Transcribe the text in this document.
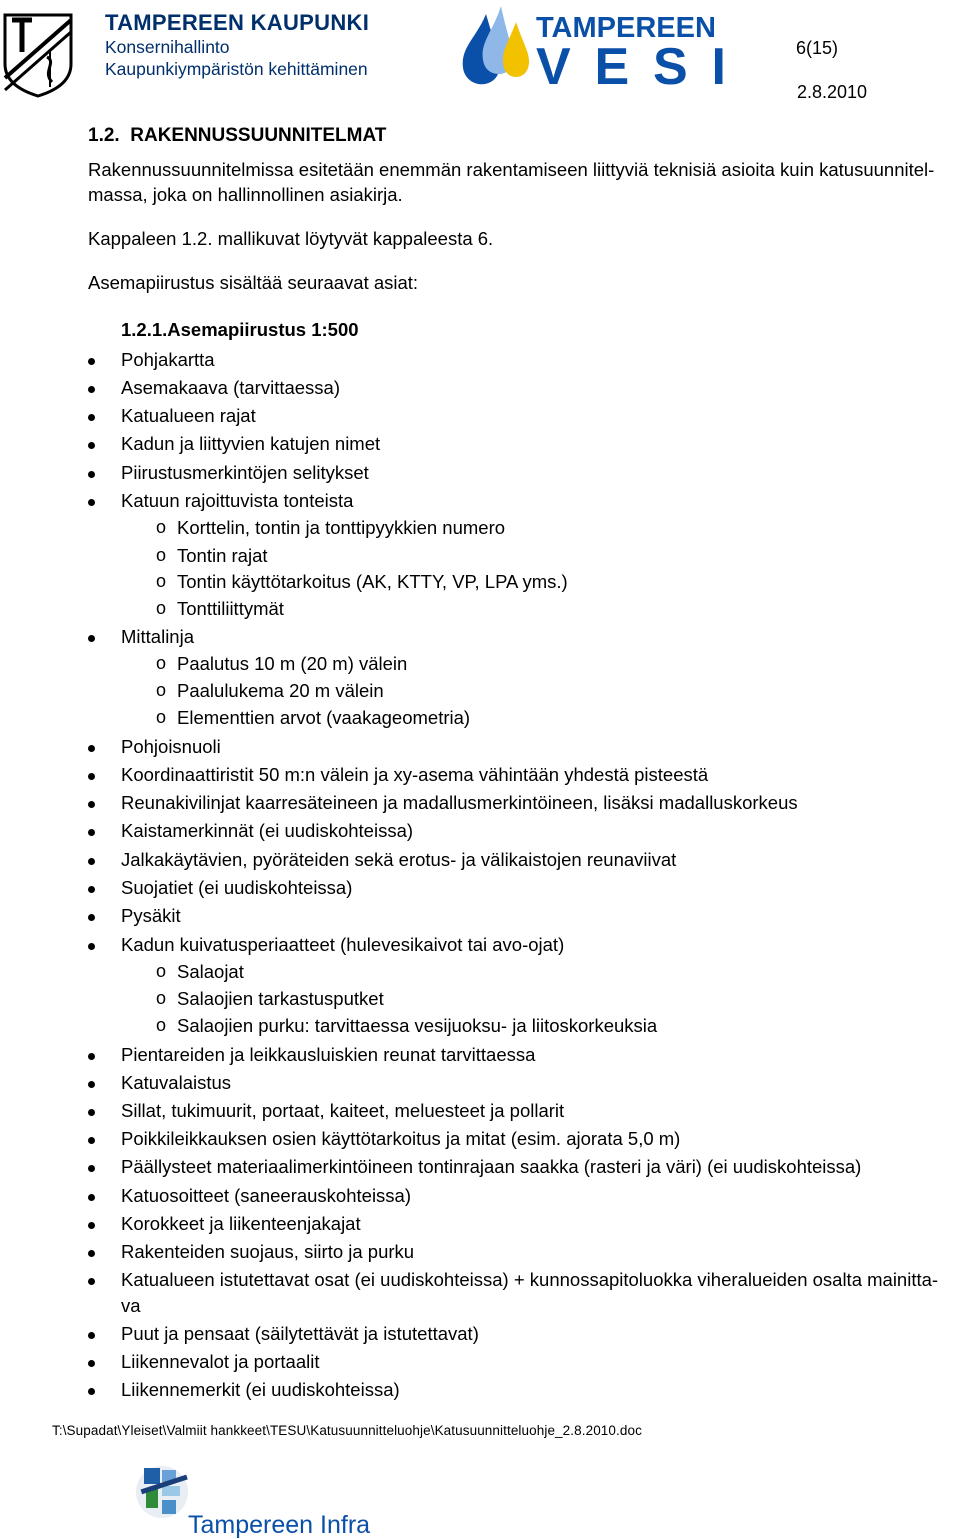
TAMPEREEN KAUPUNKI
Konsernihallinto
Kaupunkiympäristön kehittäminen
TAMPEREEN
VESI	6(15)
2.8.2010
1.2.  RAKENNUSSUUNNITELMAT
Rakennussuunnitelmissa esitetään enemmän rakentamiseen liittyviä teknisiä asioita kuin katusuunnitel-
massa, joka on hallinnollinen asiakirja.
Kappaleen 1.2. mallikuvat löytyvät kappaleesta 6.
Asemapiirustus sisältää seuraavat asiat:
1.2.1.Asemapiirustus 1:500
Pohjakartta
Asemakaava (tarvittaessa)
Katualueen rajat
Kadun ja liittyvien katujen nimet
Piirustusmerkintöjen selitykset
Katuun rajoittuvista tonteista
o Korttelin, tontin ja tonttipyykkien numero
o Tontin rajat
o Tontin käyttötarkoitus (AK, KTTY, VP, LPA yms.)
o Tonttiliittymät
Mittalinja
o Paalutus 10 m (20 m) välein
o Paalulukema 20 m välein
o Elementtien arvot (vaakageometria)
Pohjoisnuoli
Koordinaattiristit 50 m:n välein ja xy-asema vähintään yhdestä pisteestä
Reunakivilinjat kaarresäteineen ja madallusmerkintöineen, lisäksi madalluskorkeus
Kaistamerkinnät (ei uudiskohteissa)
Jalkakäytävien, pyöräteiden sekä erotus- ja välikaistojen reunaviivat
Suojatiet (ei uudiskohteissa)
Pysäkit
Kadun kuivatusperiaatteet (hulevesikaivot tai avo-ojat)
o Salaojat
o Salaojien tarkastusputket
o Salaojien purku: tarvittaessa vesijuoksu- ja liitoskorkeuksia
Pientareiden ja leikkausluiskien reunat tarvittaessa
Katuvalaistus
Sillat, tukimuurit, portaat, kaiteet, meluesteet ja pollarit
Poikkileikkauksen osien käyttötarkoitus ja mitat (esim. ajorata 5,0 m)
Päällysteet materiaalimerkintöineen tontinrajaan saakka (rasteri ja väri) (ei uudiskohteissa)
Katuosoitteet (saneerauskohteissa)
Korokkeet ja liikenteenjakajat
Rakenteiden suojaus, siirto ja purku
Katualueen istutettavat osat (ei uudiskohteissa) + kunnossapitoluokka viheralueiden osalta mainitta-
va
Puut ja pensaat (säilytettävät ja istutettavat)
Liikennevalot ja portaalit
Liikennemerkit (ei uudiskohteissa)
T:\Supadat\Yleiset\Valmiit hankkeet\TESU\Katusuunnitteluohje\Katusuunnitteluohje_2.8.2010.doc
Tampereen Infra
